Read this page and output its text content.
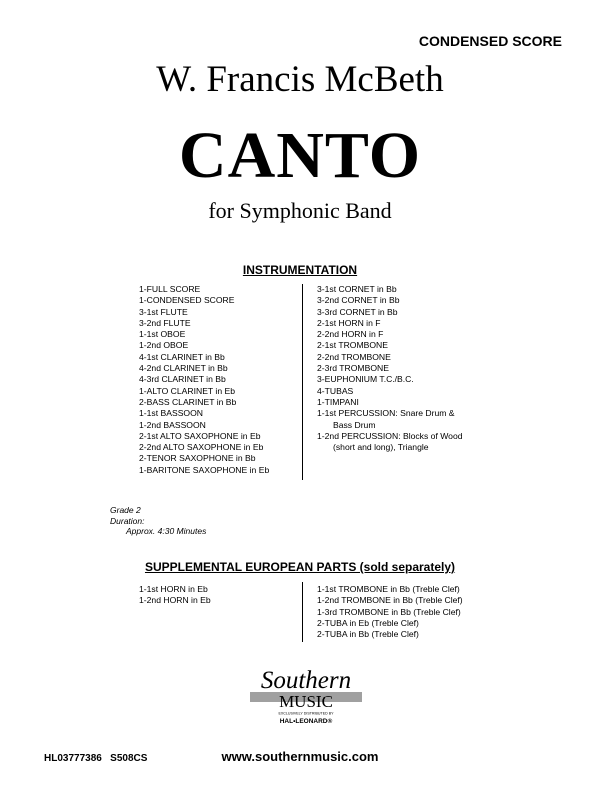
CONDENSED SCORE
W. Francis McBeth
CANTO
for Symphonic Band
INSTRUMENTATION
1-FULL SCORE
1-CONDENSED SCORE
3-1st FLUTE
3-2nd FLUTE
1-1st OBOE
1-2nd OBOE
4-1st CLARINET in Bb
4-2nd CLARINET in Bb
4-3rd CLARINET in Bb
1-ALTO CLARINET in Eb
2-BASS CLARINET in Bb
1-1st BASSOON
1-2nd BASSOON
2-1st ALTO SAXOPHONE in Eb
2-2nd ALTO SAXOPHONE in Eb
2-TENOR SAXOPHONE in Bb
1-BARITONE SAXOPHONE in Eb
3-1st CORNET in Bb
3-2nd CORNET in Bb
3-3rd CORNET in Bb
2-1st HORN in F
2-2nd HORN in F
2-1st TROMBONE
2-2nd TROMBONE
2-3rd TROMBONE
3-EUPHONIUM T.C./B.C.
4-TUBAS
1-TIMPANI
1-1st PERCUSSION: Snare Drum &
Bass Drum
1-2nd PERCUSSION: Blocks of Wood
(short and long), Triangle
Grade 2
Duration:
Approx. 4:30 Minutes
SUPPLEMENTAL EUROPEAN PARTS (sold separately)
1-1st HORN in Eb
1-2nd HORN in Eb
1-1st TROMBONE in Bb (Treble Clef)
1-2nd TROMBONE in Bb (Treble Clef)
1-3rd TROMBONE in Bb (Treble Clef)
2-TUBA in Eb (Treble Clef)
2-TUBA in Bb (Treble Clef)
Southern
MUSIC
EXCLUSIVELY DISTRIBUTED BY
HAL•LEONARD®
HL03777386   S508CS	www.southernmusic.com
